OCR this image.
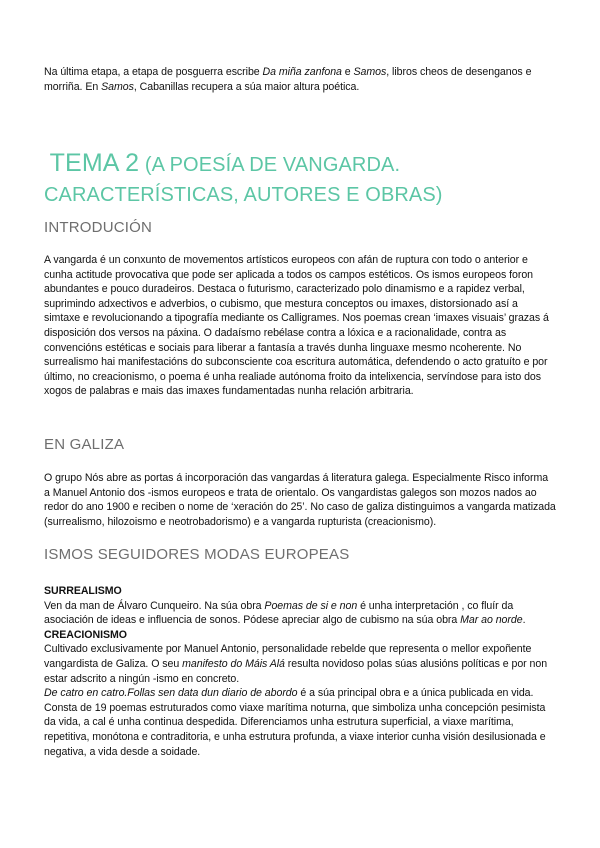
Na última etapa, a etapa de posguerra escribe Da miña zanfona e Samos, libros cheos de desenganos e morriña. En Samos, Cabanillas recupera a súa maior altura poética.

TEMA 2 (A POESÍA DE VANGARDA. CARACTERÍSTICAS, AUTORES E OBRAS)
INTRODUCIÓN

A vangarda é un conxunto de movementos artísticos europeos con afán de ruptura con todo o anterior e cunha actitude provocativa que pode ser aplicada a todos os campos estéticos. Os ismos europeos foron abundantes e pouco duradeiros. Destaca o futurismo, caracterizado polo dinamismo e a rapidez verbal, suprimindo adxectivos e adverbios, o cubismo, que mestura conceptos ou imaxes, distorsionado así a simtaxe e revolucionando a tipografía mediante os Calligrames. Nos poemas crean ‘imaxes visuais’ grazas á disposición dos versos na páxina. O dadaísmo rebélase contra a lóxica e a racionalidade, contra as convencións estéticas e sociais para liberar a fantasía a través dunha linguaxe mesmo ncoherente. No surrealismo hai manifestacións do subconsciente coa escritura automática, defendendo o acto gratuíto e por último, no creacionismo, o poema é unha realiade autónoma froito da intelixencia, servíndose para isto dos xogos de palabras e mais das imaxes fundamentadas nunha relación arbitraria.

EN GALIZA

O grupo Nós abre as portas á incorporación das vangardas á literatura galega. Especialmente Risco informa a Manuel Antonio dos -ismos europeos e trata de orientalo. Os vangardistas galegos son mozos nados ao redor do ano 1900 e reciben o nome de ‘xeración do 25’. No caso de galiza distinguimos a vangarda matizada (surrealismo, hilozoismo e neotrobadorismo) e a vangarda rupturista (creacionismo).

ISMOS SEGUIDORES MODAS EUROPEAS
SURREALISMO

Ven da man de Álvaro Cunqueiro. Na súa obra Poemas de si e non é unha interpretación , co fluír da asociación de ideas e influencia de sonos. Pódese apreciar algo de cubismo na súa obra Mar ao norde.

CREACIONISMO

Cultivado exclusivamente por Manuel Antonio, personalidade rebelde que representa o mellor expoñente vangardista de Galiza. O seu manifesto do Máis Alá resulta novidoso polas súas alusións políticas e por non estar adscrito a ningún -ismo en concreto.

De catro en catro.Follas sen data dun diario de abordo é a súa principal obra e a única publicada en vida. Consta de 19 poemas estruturados como viaxe marítima noturna, que simboliza unha concepción pesimista da vida, a cal é unha continua despedida. Diferenciamos unha estrutura superficial, a viaxe marítima, repetitiva, monótona e contraditoria, e unha estrutura profunda, a viaxe interior cunha visión desilusionada e negativa, a vida desde a soidade.
